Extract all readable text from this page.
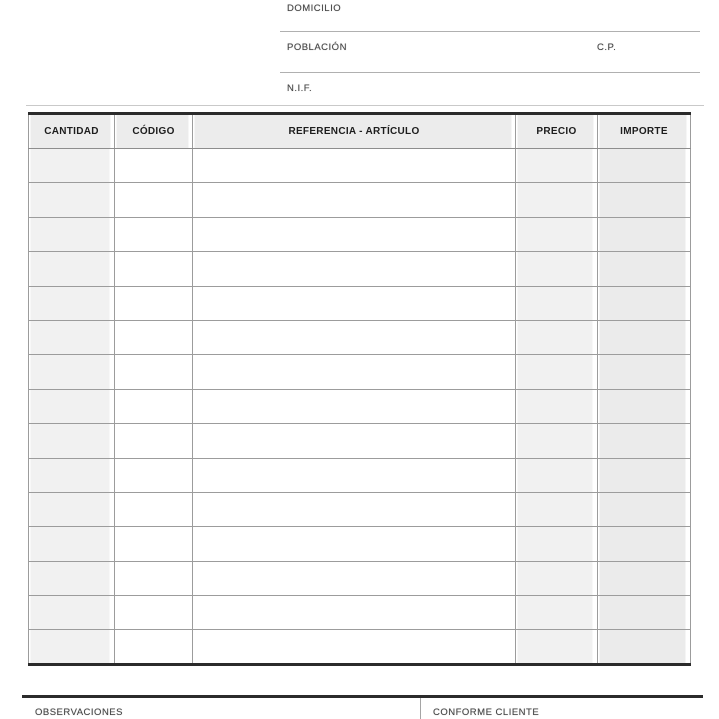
DOMICILIO
POBLACIÓN	C.P.
N.I.F.
CANTIDAD	CÓDIGO	REFERENCIA - ARTÍCULO	PRECIO	IMPORTE

OBSERVACIONES	CONFORME CLIENTE
